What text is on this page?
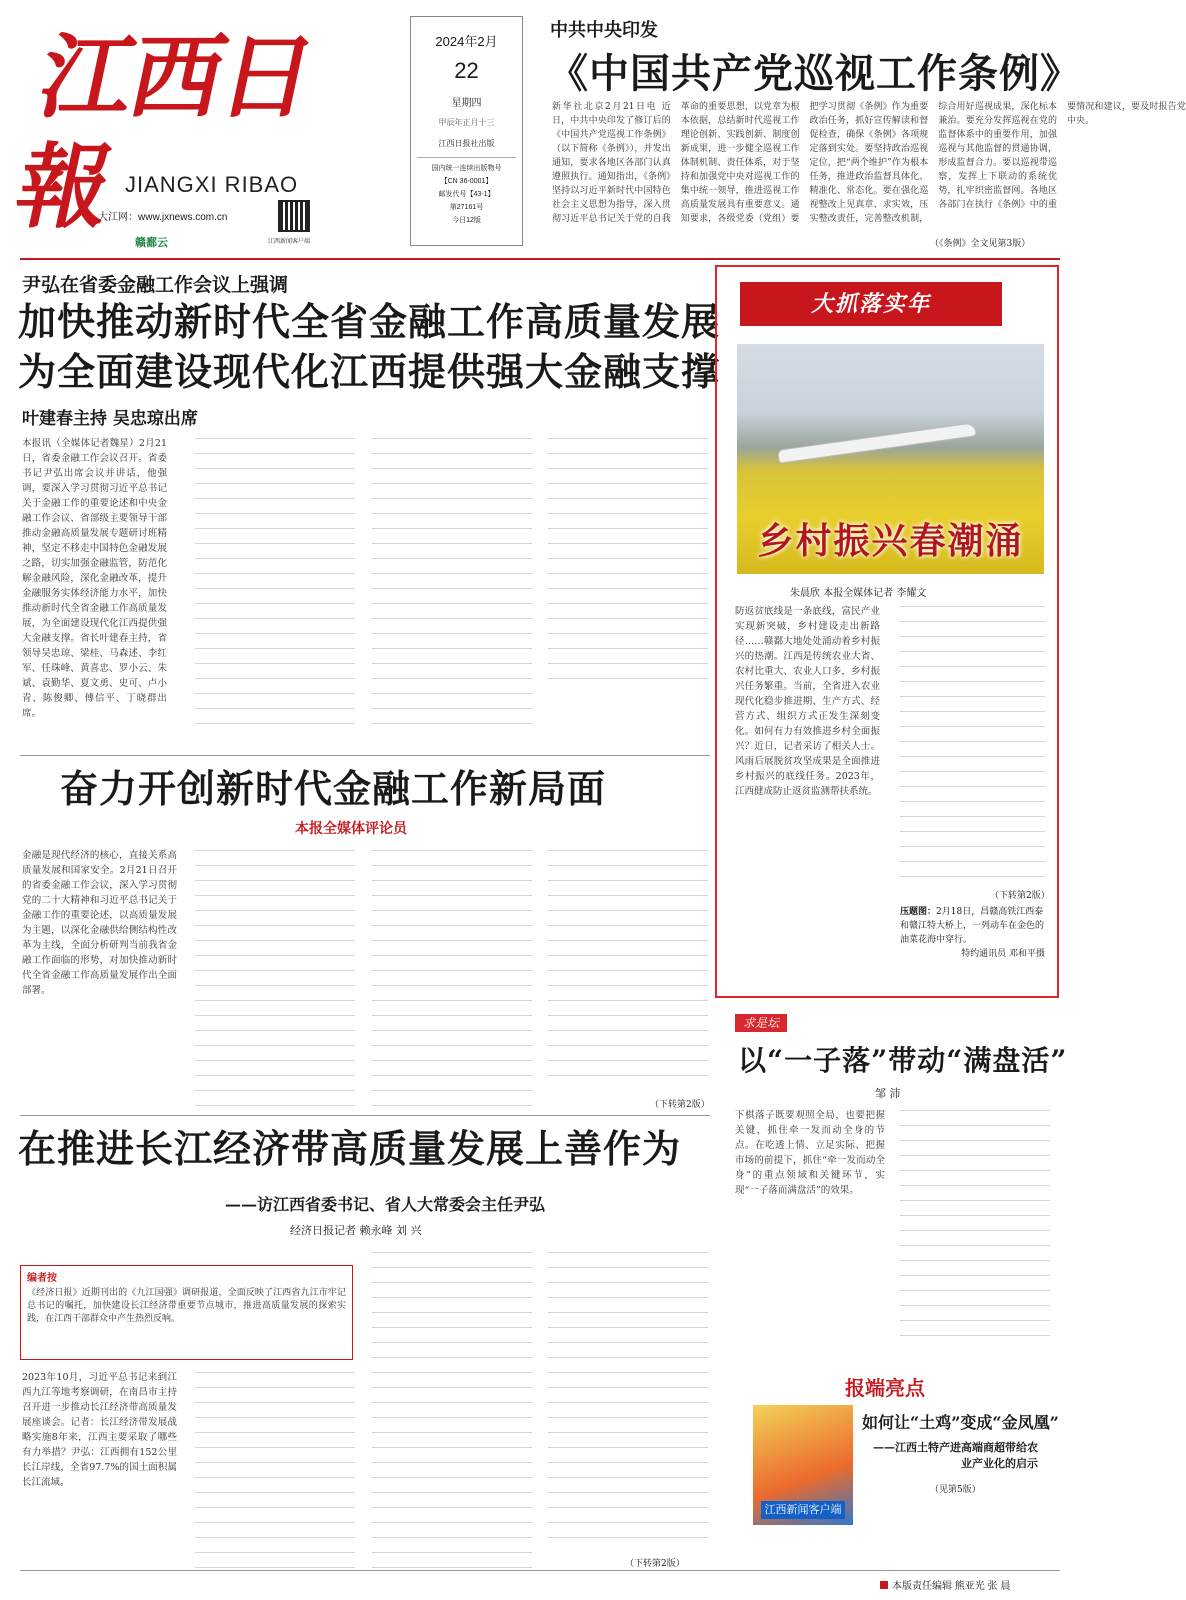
江西日報 JIANGXI RIBAO
大江网：www.jxnews.com.cn
赣鄱云	江西新闻客户端
2024年2月
22
星期四
甲辰年正月十三
江西日报社出版
国内统一连续出版物号
【CN 36-0001】
邮发代号【43-1】
第27161号
今日12版
中共中央印发
《中国共产党巡视工作条例》
新华社北京2月21日电 近日，中共中央印发了修订后的《中国共产党巡视工作条例》（以下简称《条例》），并发出通知，要求各地区各部门认真遵照执行。通知指出，《条例》坚持以习近平新时代中国特色社会主义思想为指导，深入贯彻习近平总书记关于党的自我革命的重要思想，以党章为根本依据，总结新时代巡视工作理论创新、实践创新、制度创新成果，进一步健全巡视工作体制机制、责任体系，对于坚持和加强党中央对巡视工作的集中统一领导，推进巡视工作高质量发展具有重要意义。通知要求，各级党委（党组）要把学习贯彻《条例》作为重要政治任务，抓好宣传解读和督促检查，确保《条例》各项规定落到实处。要坚持政治巡视定位，把“两个维护”作为根本任务，推进政治监督具体化、精准化、常态化。要在强化巡视整改上见真章、求实效，压实整改责任，完善整改机制，综合用好巡视成果，深化标本兼治。要充分发挥巡视在党的监督体系中的重要作用，加强巡视与其他监督的贯通协调，形成监督合力。要以巡视带巡察，发挥上下联动的系统优势，扎牢织密监督网。各地区各部门在执行《条例》中的重要情况和建议，要及时报告党中央。
（《条例》全文见第3版）
尹弘在省委金融工作会议上强调
加快推动新时代全省金融工作高质量发展
为全面建设现代化江西提供强大金融支撑
叶建春主持 吴忠琼出席
本报讯（全媒体记者魏星）2月21日，省委金融工作会议召开。省委书记尹弘出席会议并讲话，他强调，要深入学习贯彻习近平总书记关于金融工作的重要论述和中央金融工作会议、省部级主要领导干部推动金融高质量发展专题研讨班精神，坚定不移走中国特色金融发展之路，切实加强金融监管，防范化解金融风险，深化金融改革，提升金融服务实体经济能力水平，加快推动新时代全省金融工作高质量发展，为全面建设现代化江西提供强大金融支撑。省长叶建春主持，省领导吴忠琼、梁桂、马森述、李红军、任珠峰、黄喜忠、罗小云、朱斌、袁勤华、夏文勇、史可、卢小青、陈俊卿、傅信平、丁晓群出席。
奋力开创新时代金融工作新局面
本报全媒体评论员
金融是现代经济的核心，直接关系高质量发展和国家安全。2月21日召开的省委金融工作会议，深入学习贯彻党的二十大精神和习近平总书记关于金融工作的重要论述，以高质量发展为主题，以深化金融供给侧结构性改革为主线，全面分析研判当前我省金融工作面临的形势，对加快推动新时代全省金融工作高质量发展作出全面部署。
（下转第2版）
在推进长江经济带高质量发展上善作为
——访江西省委书记、省人大常委会主任尹弘
经济日报记者 赖永峰 刘 兴
编者按
《经济日报》近期刊出的《九江国强》调研报道，全面反映了江西省九江市牢记总书记的嘱托，加快建设长江经济带重要节点城市，推进高质量发展的探索实践，在江西干部群众中产生热烈反响。
2023年10月，习近平总书记来到江西九江等地考察调研，在南昌市主持召开进一步推动长江经济带高质量发展座谈会。记者：长江经济带发展战略实施8年来，江西主要采取了哪些有力举措？尹弘：江西拥有152公里长江岸线，全省97.7%的国土面积属长江流域。
（下转第2版）
大抓落实年
乡村振兴春潮涌
朱晨欣 本报全媒体记者 李耀文
防返贫底线是一条底线，富民产业实现新突破，乡村建设走出新路径……赣鄱大地处处涌动着乡村振兴的热潮。江西是传统农业大省、农村比重大、农业人口多，乡村振兴任务繁重。当前，全省进入农业现代化稳步推进期、生产方式、经营方式、组织方式正发生深刻变化。如何有力有效推进乡村全面振兴？近日，记者采访了相关人士。风雨后展脱贫攻坚成果是全面推进乡村振兴的底线任务。2023年，江西健成防止返贫监测帮扶系统。
（下转第2版）
压题图：2月18日，昌赣高铁江西泰和赣江特大桥上，一列动车在金色的油菜花海中穿行。
特约通讯员 邓和平摄
求是坛
以“一子落”带动“满盘活”
邹 沛
下棋落子既要观照全局，也要把握关键，抓住牵一发而动全身的节点。在吃透上情、立足实际、把握市场的前提下，抓住“牵一发而动全身”的重点领域和关键环节，实现“一子落而满盘活”的效果。
报端亮点
江西新闻客户端
如何让“土鸡”变成“金凤凰”
——江西土特产进高端商超带给农业产业化的启示
（见第5版）
本版责任编辑 熊亚光 张 晨
